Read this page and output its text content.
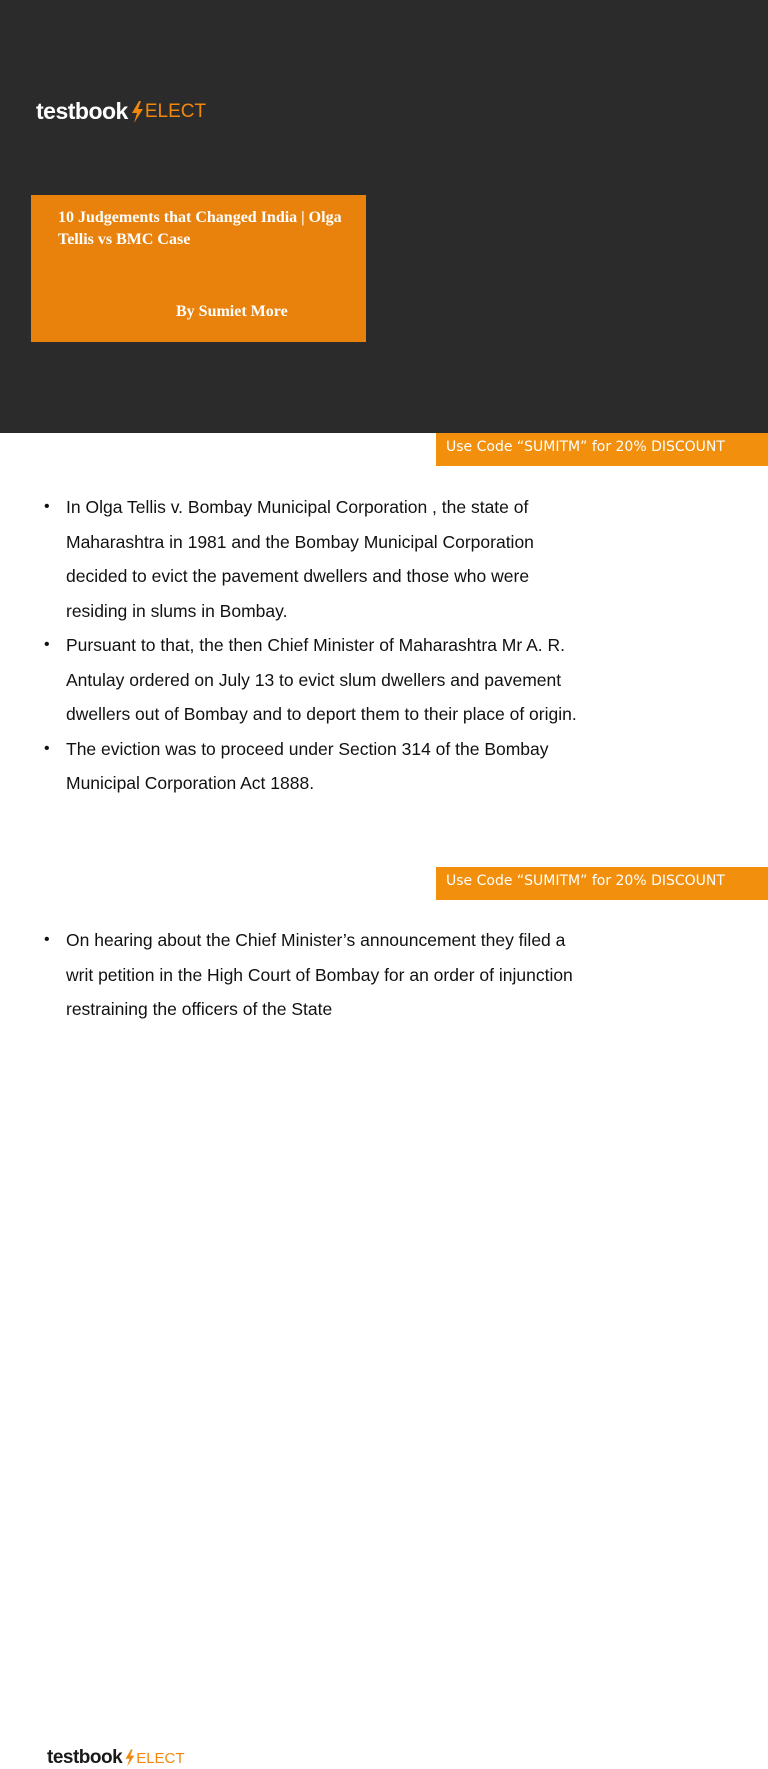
testbook ELECT
10 Judgements that Changed India | Olga Tellis vs BMC Case
By Sumiet More
Use Code “SUMITM” for 20% DISCOUNT
• In Olga Tellis v. Bombay Municipal Corporation , the state of Maharashtra in 1981 and the Bombay Municipal Corporation decided to evict the pavement dwellers and those who were residing in slums in Bombay.
• Pursuant to that, the then Chief Minister of Maharashtra Mr A. R. Antulay ordered on July 13 to evict slum dwellers and pavement dwellers out of Bombay and to deport them to their place of origin.
• The eviction was to proceed under Section 314 of the Bombay Municipal Corporation Act 1888.
testbook ELECT
Use Code “SUMITM” for 20% DISCOUNT
• On hearing about the Chief Minister’s announcement they filed a writ petition in the High Court of Bombay for an order of injunction restraining the officers of the State
